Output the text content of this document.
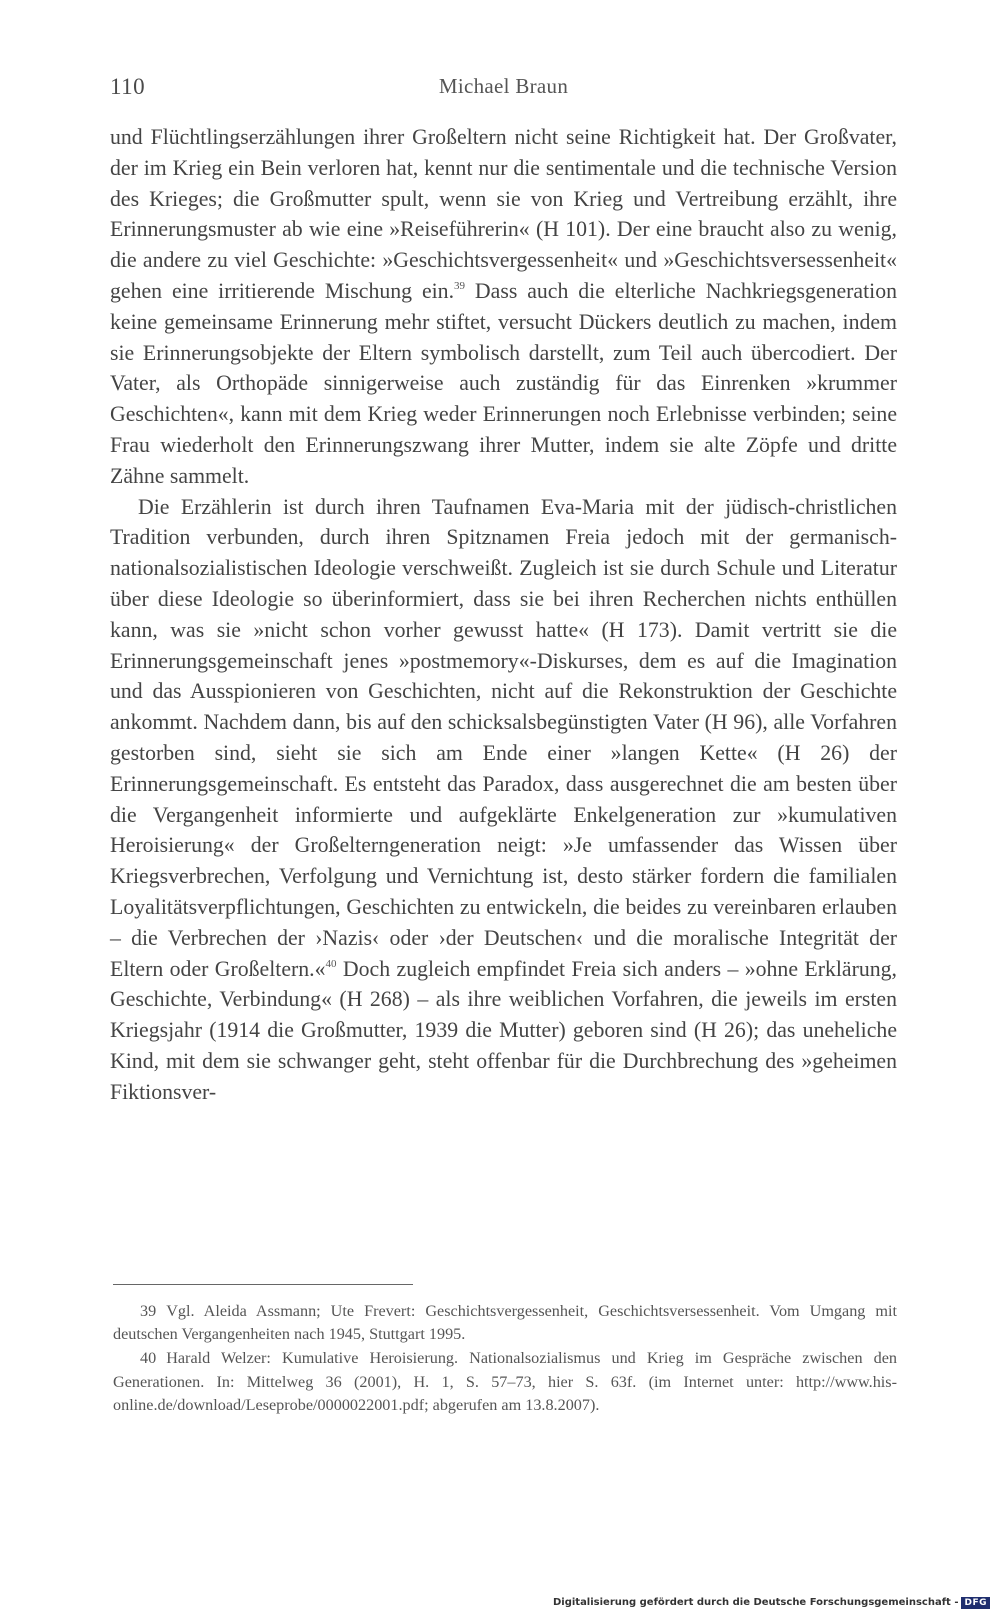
110	Michael Braun

und Flüchtlingserzählungen ihrer Großeltern nicht seine Richtigkeit hat. Der Großvater, der im Krieg ein Bein verloren hat, kennt nur die sentimentale und die technische Version des Krieges; die Großmutter spult, wenn sie von Krieg und Vertreibung erzählt, ihre Erinnerungsmuster ab wie eine »Reiseführerin« (H 101). Der eine braucht also zu wenig, die andere zu viel Geschichte: »Geschichtsvergessenheit« und »Geschichtsversessenheit« gehen eine irritierende Mischung ein.$^{39}$ Dass auch die elterliche Nachkriegsgeneration keine gemeinsame Erinnerung mehr stiftet, versucht Dückers deutlich zu machen, indem sie Erinnerungsobjekte der Eltern symbolisch darstellt, zum Teil auch übercodiert. Der Vater, als Orthopäde sinnigerweise auch zuständig für das Einrenken »krummer Geschichten«, kann mit dem Krieg weder Erinnerungen noch Erlebnisse verbinden; seine Frau wiederholt den Erinnerungszwang ihrer Mutter, indem sie alte Zöpfe und dritte Zähne sammelt.

Die Erzählerin ist durch ihren Taufnamen Eva-Maria mit der jüdisch-christlichen Tradition verbunden, durch ihren Spitznamen Freia jedoch mit der germanisch-nationalsozialistischen Ideologie verschweißt. Zugleich ist sie durch Schule und Literatur über diese Ideologie so überinformiert, dass sie bei ihren Recherchen nichts enthüllen kann, was sie »nicht schon vorher gewusst hatte« (H 173). Damit vertritt sie die Erinnerungsgemeinschaft jenes »postmemory«-Diskurses, dem es auf die Imagination und das Ausspionieren von Geschichten, nicht auf die Rekonstruktion der Geschichte ankommt. Nachdem dann, bis auf den schicksalsbegünstigten Vater (H 96), alle Vorfahren gestorben sind, sieht sie sich am Ende einer »langen Kette« (H 26) der Erinnerungsgemeinschaft. Es entsteht das Paradox, dass ausgerechnet die am besten über die Vergangenheit informierte und aufgeklärte Enkelgeneration zur »kumulativen Heroisierung« der Großelterngeneration neigt: »Je umfassender das Wissen über Kriegsverbrechen, Verfolgung und Vernichtung ist, desto stärker fordern die familialen Loyalitätsverpflichtungen, Geschichten zu entwickeln, die beides zu vereinbaren erlauben – die Verbrechen der ›Nazis‹ oder ›der Deutschen‹ und die moralische Integrität der Eltern oder Großeltern.«$^{40}$ Doch zugleich empfindet Freia sich anders – »ohne Erklärung, Geschichte, Verbindung« (H 268) – als ihre weiblichen Vorfahren, die jeweils im ersten Kriegsjahr (1914 die Großmutter, 1939 die Mutter) geboren sind (H 26); das uneheliche Kind, mit dem sie schwanger geht, steht offenbar für die Durchbrechung des »geheimen Fiktionsver-

39 Vgl. Aleida Assmann; Ute Frevert: Geschichtsvergessenheit, Geschichtsversessenheit. Vom Umgang mit deutschen Vergangenheiten nach 1945, Stuttgart 1995.

40 Harald Welzer: Kumulative Heroisierung. Nationalsozialismus und Krieg im Gespräche zwischen den Generationen. In: Mittelweg 36 (2001), H. 1, S. 57–73, hier S. 63f. (im Internet unter: http://www.his-online.de/download/Leseprobe/0000022001.pdf; abgerufen am 13.8.2007).

Digitalisierung gefördert durch die Deutsche Forschungsgemeinschaft - DFG
